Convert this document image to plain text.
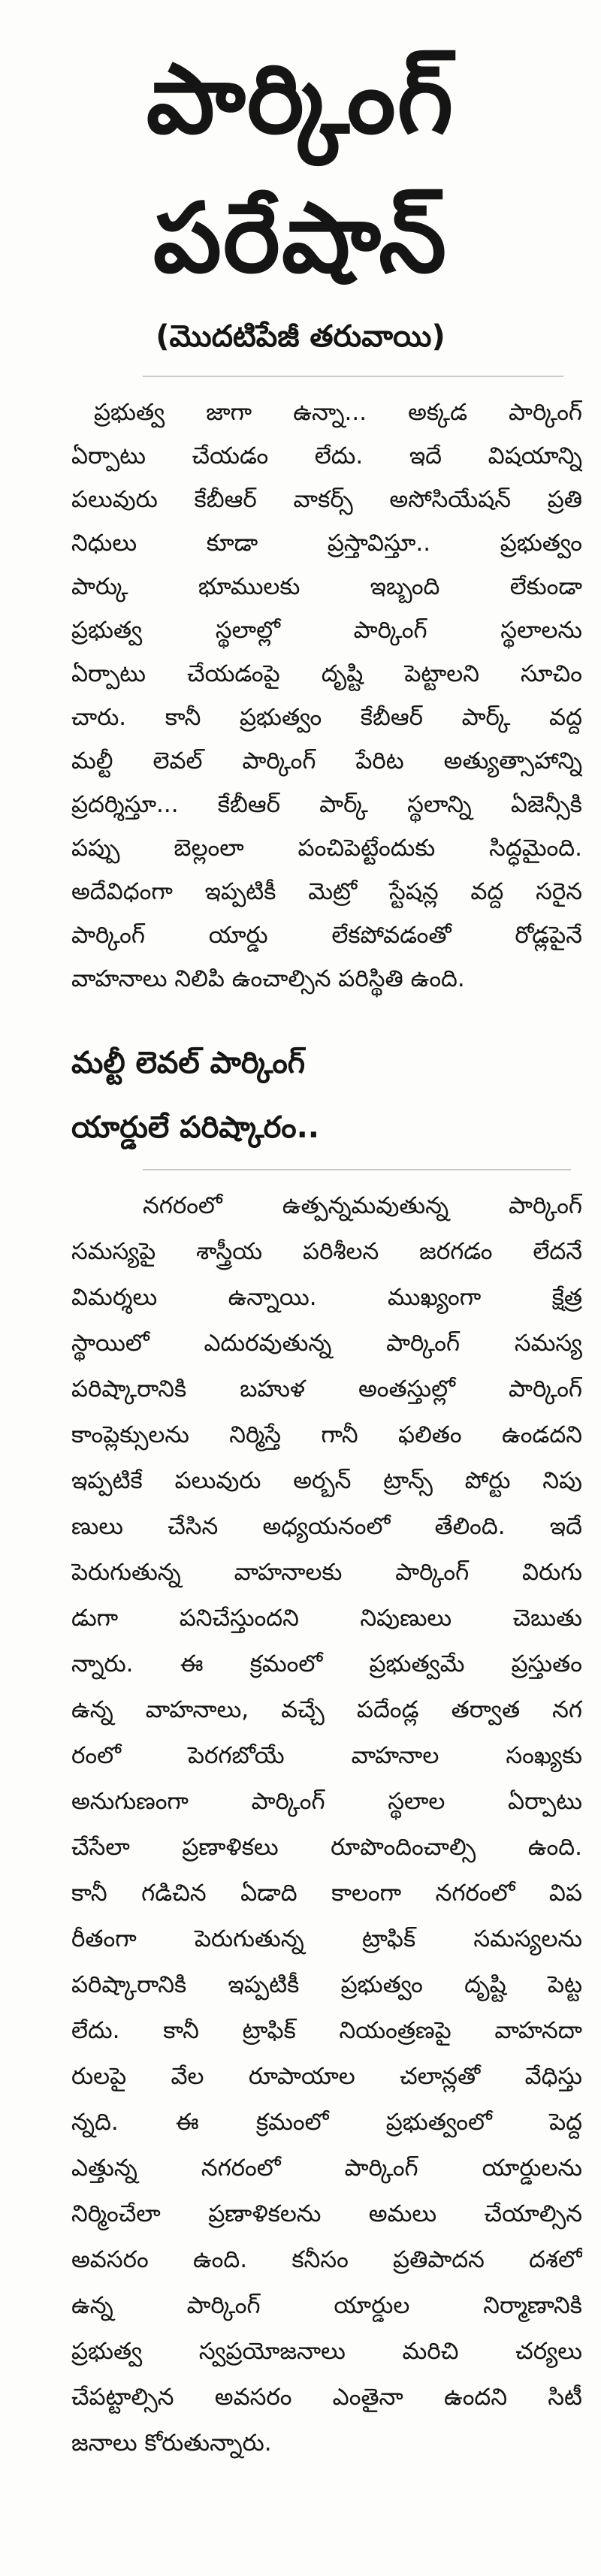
పార్కింగ్
పరేషాన్
(మొదటిపేజీ తరువాయి)
ప్రభుత్వ జాగా ఉన్నా... అక్కడ పార్కింగ్
ఏర్పాటు చేయడం లేదు. ఇదే విషయాన్ని
పలువురు కేబీఆర్ వాకర్స్ అసోసియేషన్ ప్రతి
నిధులు కూడా ప్రస్తావిస్తూ.. ప్రభుత్వం
పార్కు భూములకు ఇబ్బంది లేకుండా
ప్రభుత్వ స్థలాల్లో పార్కింగ్ స్థలాలను
ఏర్పాటు చేయడంపై దృష్టి పెట్టాలని సూచిం
చారు. కానీ ప్రభుత్వం కేబీఆర్ పార్క్ వద్ద
మల్టీ లెవల్ పార్కింగ్ పేరిట అత్యుత్సాహాన్ని
ప్రదర్శిస్తూ... కేబీఆర్ పార్క్ స్థలాన్ని ఏజెన్సీకి
పప్పు బెల్లంలా పంచిపెట్టేందుకు సిద్ధమైంది.
అదేవిధంగా ఇప్పటికీ మెట్రో స్టేషన్ల వద్ద సరైన
పార్కింగ్ యార్డు లేకపోవడంతో రోడ్లపైనే
వాహనాలు నిలిపి ఉంచాల్సిన పరిస్థితి ఉంది.
మల్టీ లెవల్ పార్కింగ్
యార్డులే పరిష్కారం..
నగరంలో ఉత్పన్నమవుతున్న పార్కింగ్
సమస్యపై శాస్త్రీయ పరిశీలన జరగడం లేదనే
విమర్శలు ఉన్నాయి. ముఖ్యంగా క్షేత్ర
స్థాయిలో ఎదురవుతున్న పార్కింగ్ సమస్య
పరిష్కారానికి బహుళ అంతస్తుల్లో పార్కింగ్
కాంప్లెక్సులను నిర్మిస్తే గానీ ఫలితం ఉండదని
ఇప్పటికే పలువురు అర్బన్ ట్రాన్స్ పోర్టు నిపు
ణులు చేసిన అధ్యయనంలో తేలింది. ఇదే
పెరుగుతున్న వాహనాలకు పార్కింగ్ విరుగు
డుగా పనిచేస్తుందని నిపుణులు చెబుతు
న్నారు. ఈ క్రమంలో ప్రభుత్వమే ప్రస్తుతం
ఉన్న వాహనాలు, వచ్చే పదేండ్ల తర్వాత నగ
రంలో పెరగబోయే వాహనాల సంఖ్యకు
అనుగుణంగా పార్కింగ్ స్థలాల ఏర్పాటు
చేసేలా ప్రణాళికలు రూపొందించాల్సి ఉంది.
కానీ గడిచిన ఏడాది కాలంగా నగరంలో విప
రీతంగా పెరుగుతున్న ట్రాఫిక్ సమస్యలను
పరిష్కారానికి ఇప్పటికీ ప్రభుత్వం దృష్టి పెట్ట
లేదు. కానీ ట్రాఫిక్ నియంత్రణపై వాహనదా
రులపై వేల రూపాయాల చలాన్లతో వేధిస్తు
న్నది. ఈ క్రమంలో ప్రభుత్వంలో పెద్ద
ఎత్తున్న నగరంలో పార్కింగ్ యార్డులను
నిర్మించేలా ప్రణాళికలను అమలు చేయాల్సిన
అవసరం ఉంది. కనీసం ప్రతిపాదన దశలో
ఉన్న పార్కింగ్ యార్డుల నిర్మాణానికి
ప్రభుత్వ స్వప్రయోజనాలు మరిచి చర్యలు
చేపట్టాల్సిన అవసరం ఎంతైనా ఉందని సిటీ
జనాలు కోరుతున్నారు.
